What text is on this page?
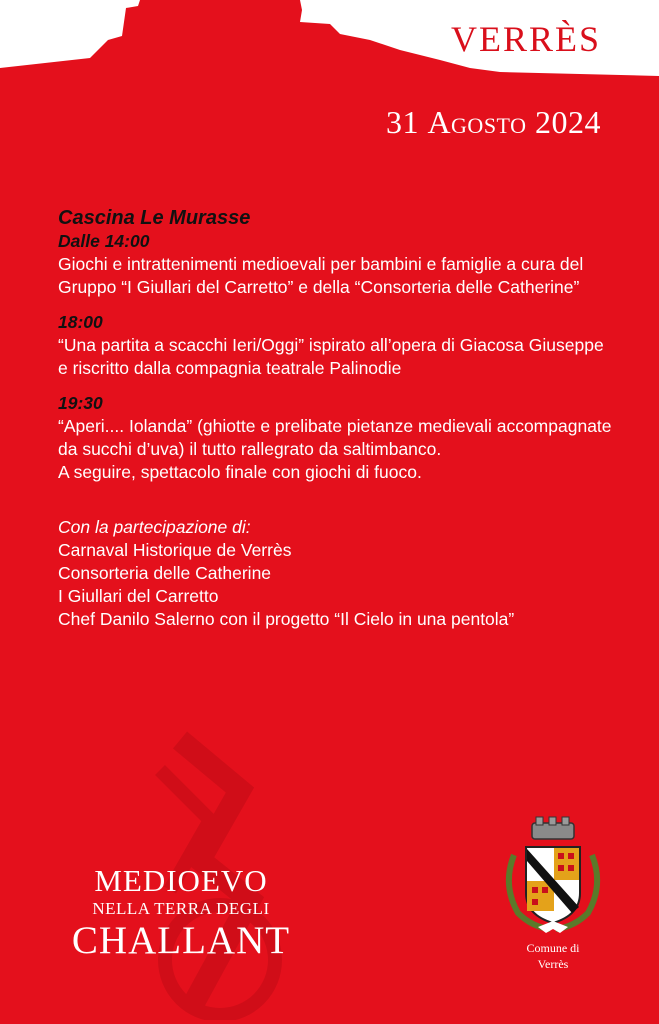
VERRÈS
31 Agosto 2024
Cascina Le Murasse
Dalle 14:00
Giochi e intrattenimenti medioevali per bambini e famiglie a cura del Gruppo “I Giullari del Carretto” e della “Consorteria delle Catherine”
18:00
“Una partita a scacchi Ieri/Oggi” ispirato all’opera di Giacosa Giuseppe e riscritto dalla compagnia teatrale Palinodie
19:30
“Aperi.... Iolanda” (ghiotte e prelibate pietanze medievali accompagnate da succhi d’uva) il tutto rallegrato da saltimbanco.
A seguire, spettacolo finale con giochi di fuoco.
Con la partecipazione di:
Carnaval Historique de Verrès
Consorteria delle Catherine
I Giullari del Carretto
Chef Danilo Salerno con il progetto “Il Cielo in una pentola”
MEDIOEVO
NELLA TERRA DEGLI
CHALLANT	Comune di
Verrès
